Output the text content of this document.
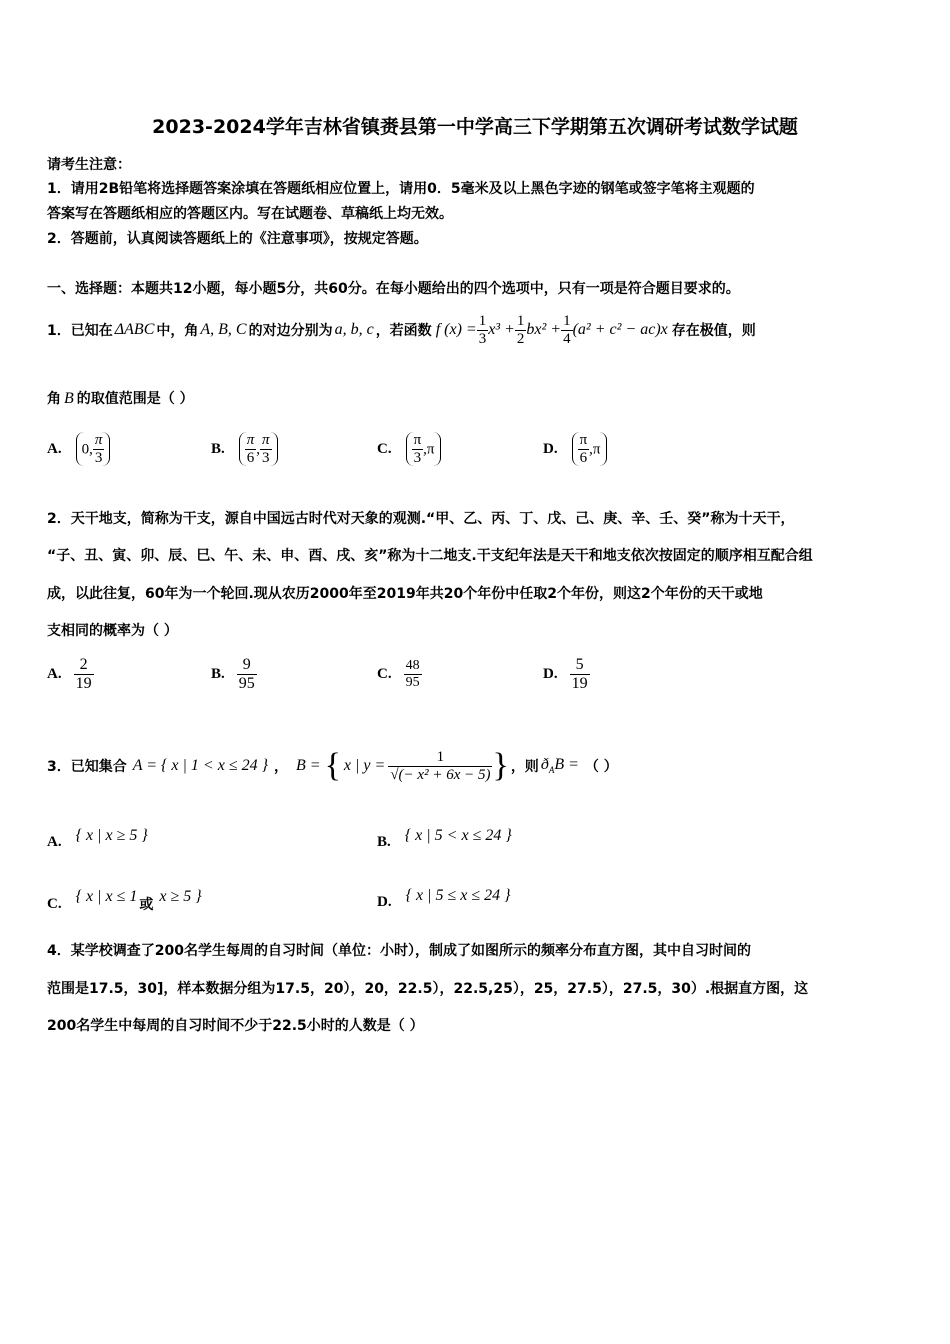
2023-2024学年吉林省镇赉县第一中学高三下学期第五次调研考试数学试题
请考生注意：
1．请用2B铅笔将选择题答案涂填在答题纸相应位置上，请用0．5毫米及以上黑色字迹的钢笔或签字笔将主观题的
答案写在答题纸相应的答题区内。写在试题卷、草稿纸上均无效。
2．答题前，认真阅读答题纸上的《注意事项》，按规定答题。
一、选择题：本题共12小题，每小题5分，共60分。在每小题给出的四个选项中，只有一项是符合题目要求的。
1．已知在 ΔABC 中，角 A, B, C 的对边分别为 a, b, c ，若函数 f $(x) = \frac{1}{3} x^3 + \frac{1}{2} bx^2 + \frac{1}{4} (a^2 + c^2 - ac)x$ 存在极值，则
角 B 的取值范围是（ ）
A.	0, $\frac{\pi}{3}$	B. $\frac{\pi}{6}$ , $\frac{\pi}{3}$	C. $\frac{\pi}{3} ,\pi$	D. $\frac{\pi}{6} ,\pi$
2．天干地支，简称为干支，源自中国远古时代对天象的观测.“甲、乙、丙、丁、戊、己、庚、辛、壬、癸”称为十天干，
“子、丑、寅、卯、辰、巳、午、未、申、酉、戌、亥”称为十二地支.干支纪年法是天干和地支依次按固定的顺序相互配合组
成，以此往复，60年为一个轮回.现从农历2000年至2019年共20个年份中任取2个年份，则这2个年份的天干或地
支相同的概率为（ ）
A. $\frac{2}{19}$	B. $\frac{9}{95}$	C. $\frac{48}{95}$	D. $\frac{5}{19}$
3．已知集合 A = { x | 1 < x ≤ 24 } ， B = { x | $y = \frac{1}{\text{√(− x² + 6x − 5)}}$ } ，则 $ð_AB$ = （ ）
A. { x | x ≥ 5 }	B. { x | 5 < x ≤ 24 }
C. { x | x ≤ 1 或 x ≥ 5 }	D. { x | 5 ≤ x ≤ 24 }
4．某学校调查了200名学生每周的自习时间（单位：小时），制成了如图所示的频率分布直方图，其中自习时间的
范围是17.5，30]，样本数据分组为17.5，20），20，22.5），22.5,25），25，27.5），27.5，30）.根据直方图，这
200名学生中每周的自习时间不少于22.5小时的人数是（ ）
